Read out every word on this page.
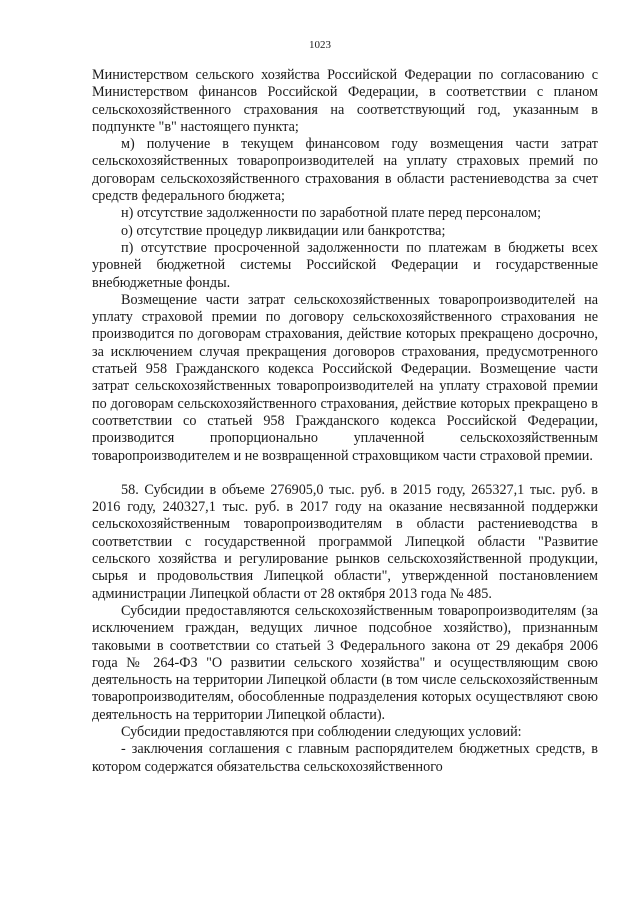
1023

Министерством сельского хозяйства Российской Федерации по согласованию с Министерством финансов Российской Федерации, в соответствии с планом сельскохозяйственного страхования на соответствующий год, указанным в подпункте "в" настоящего пункта;

м) получение в текущем финансовом году возмещения части затрат сельскохозяйственных товаропроизводителей на уплату страховых премий по договорам сельскохозяйственного страхования в области растениеводства за счет средств федерального бюджета;

н) отсутствие задолженности по заработной плате перед персоналом;

о) отсутствие процедур ликвидации или банкротства;

п) отсутствие просроченной задолженности по платежам в бюджеты всех уровней бюджетной системы Российской Федерации и государственные внебюджетные фонды.

Возмещение части затрат сельскохозяйственных товаропроизводителей на уплату страховой премии по договору сельскохозяйственного страхования не производится по договорам страхования, действие которых прекращено досрочно, за исключением случая прекращения договоров страхования, предусмотренного статьей 958 Гражданского кодекса Российской Федерации. Возмещение части затрат сельскохозяйственных товаропроизводителей на уплату страховой премии по договорам сельскохозяйственного страхования, действие которых прекращено в соответствии со статьей 958 Гражданского кодекса Российской Федерации, производится пропорционально уплаченной сельскохозяйственным товаропроизводителем и не возвращенной страховщиком части страховой премии.

58. Субсидии в объеме 276905,0 тыс. руб. в 2015 году, 265327,1 тыс. руб. в 2016 году, 240327,1 тыс. руб. в 2017 году на оказание несвязанной поддержки сельскохозяйственным товаропроизводителям в области растениеводства в соответствии с государственной программой Липецкой области "Развитие сельского хозяйства и регулирование рынков сельскохозяйственной продукции, сырья и продовольствия Липецкой области", утвержденной постановлением администрации Липецкой области от 28 октября 2013 года № 485.

Субсидии предоставляются сельскохозяйственным товаропроизводителям (за исключением граждан, ведущих личное подсобное хозяйство), признанным таковыми в соответствии со статьей 3 Федерального закона от 29 декабря 2006 года № 264-ФЗ "О развитии сельского хозяйства" и осуществляющим свою деятельность на территории Липецкой области (в том числе сельскохозяйственным товаропроизводителям, обособленные подразделения которых осуществляют свою деятельность на территории Липецкой области).

Субсидии предоставляются при соблюдении следующих условий:

- заключения соглашения с главным распорядителем бюджетных средств, в котором содержатся обязательства сельскохозяйственного
